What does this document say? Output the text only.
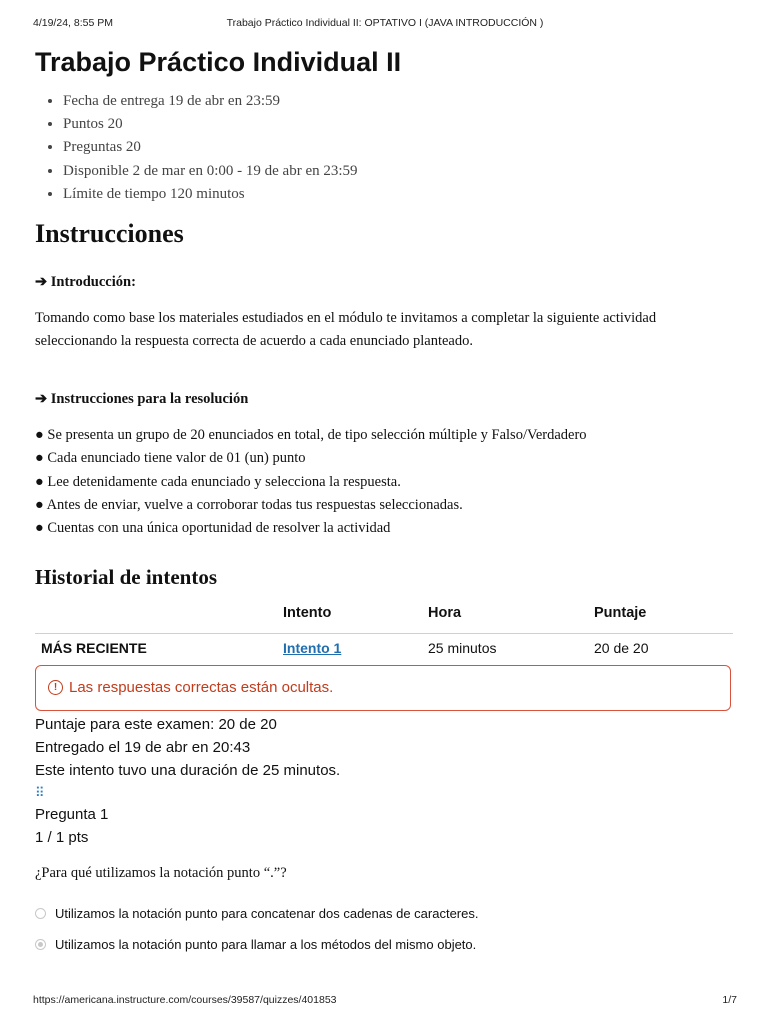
4/19/24, 8:55 PM	Trabajo Práctico Individual II: OPTATIVO I (JAVA INTRODUCCIÓN )
Trabajo Práctico Individual II
• Fecha de entrega 19 de abr en 23:59
• Puntos 20
• Preguntas 20
• Disponible 2 de mar en 0:00 - 19 de abr en 23:59
• Límite de tiempo 120 minutos
Instrucciones
➔ Introducción:
Tomando como base los materiales estudiados en el módulo te invitamos a completar la siguiente actividad seleccionando la respuesta correcta de acuerdo a cada enunciado planteado.
➔ Instrucciones para la resolución
● Se presenta un grupo de 20 enunciados en total, de tipo selección múltiple y Falso/Verdadero
● Cada enunciado tiene valor de 01 (un) punto
● Lee detenidamente cada enunciado y selecciona la respuesta.
● Antes de enviar, vuelve a corroborar todas tus respuestas seleccionadas.
● Cuentas con una única oportunidad de resolver la actividad
Historial de intentos
	Intento	Hora	Puntaje
MÁS RECIENTE	Intento 1	25 minutos	20 de 20
! Las respuestas correctas están ocultas.
Puntaje para este examen: 20 de 20
Entregado el 19 de abr en 20:43
Este intento tuvo una duración de 25 minutos.
⠿
Pregunta 1
1 / 1 pts
¿Para qué utilizamos la notación punto “.”?
Utilizamos la notación punto para concatenar dos cadenas de caracteres.
Utilizamos la notación punto para llamar a los métodos del mismo objeto.
https://americana.instructure.com/courses/39587/quizzes/401853	1/7
